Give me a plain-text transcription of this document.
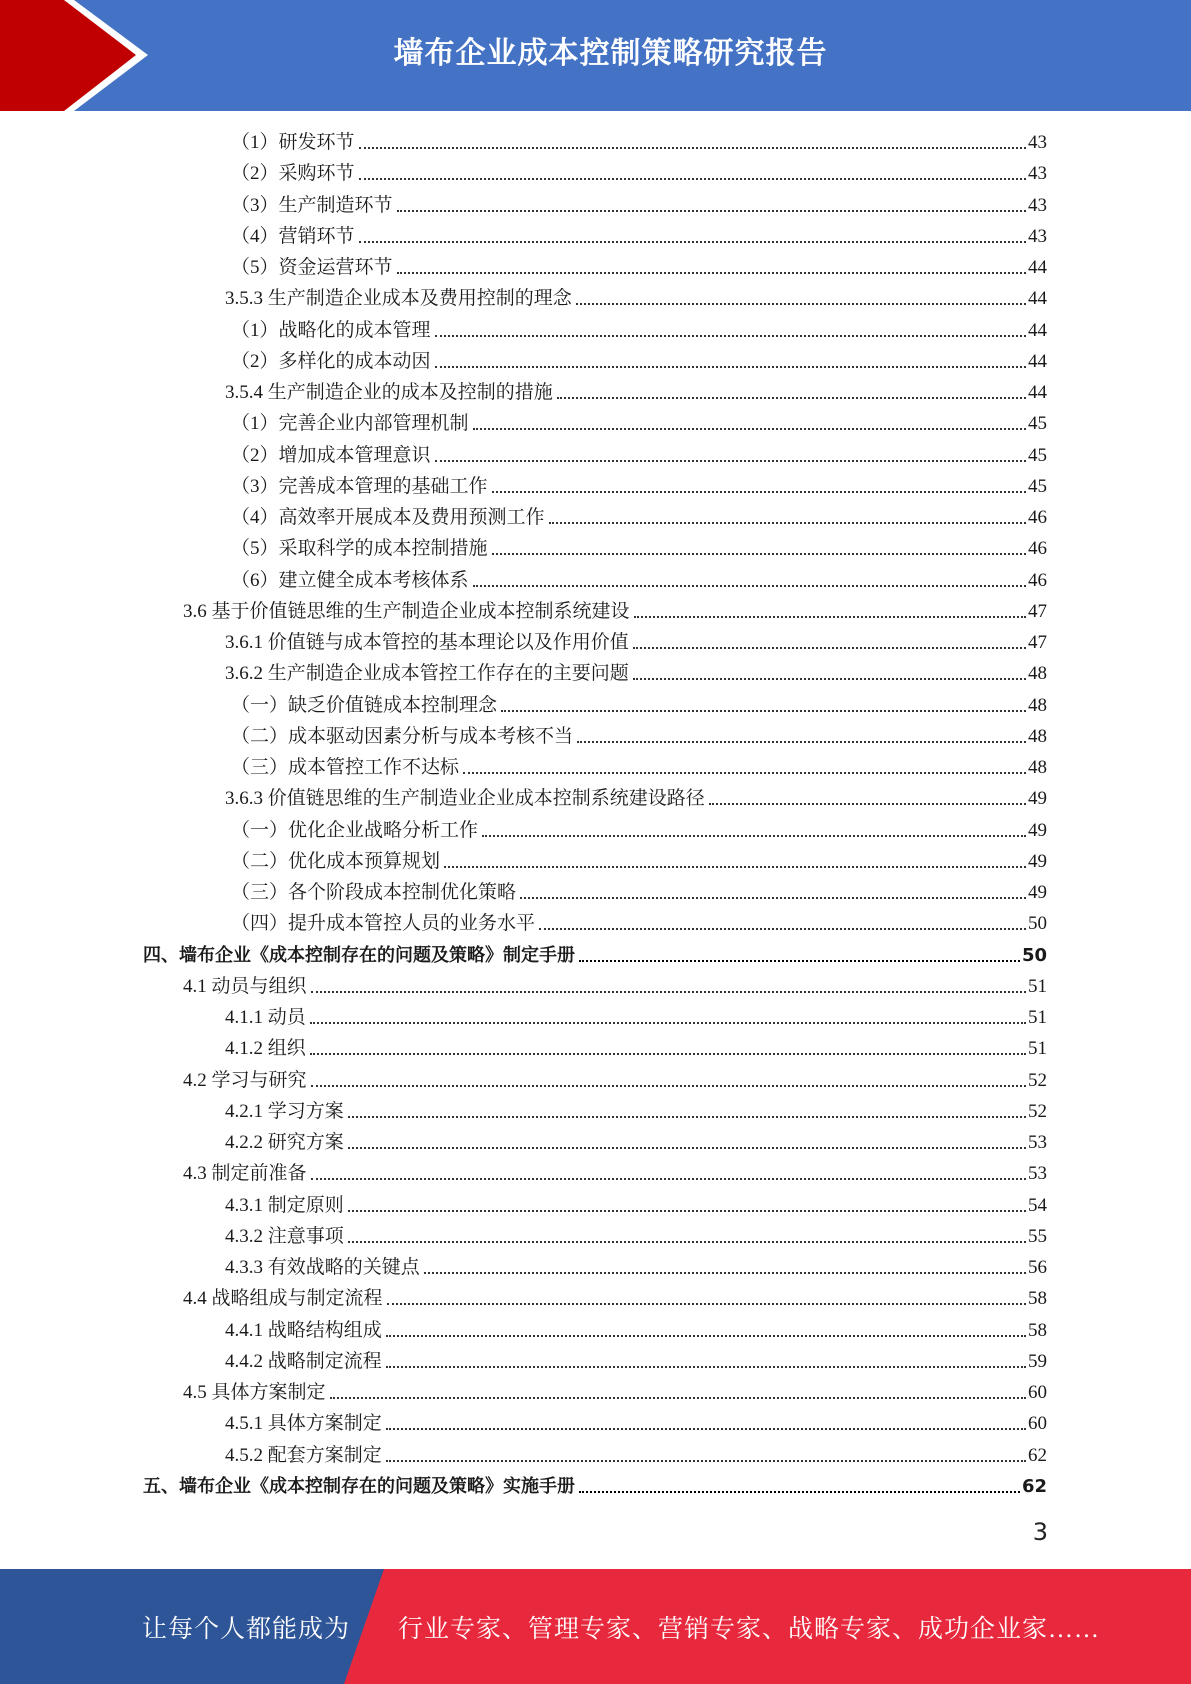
墙布企业成本控制策略研究报告
（1）研发环节	43
（2）采购环节	43
（3）生产制造环节	43
（4）营销环节	43
（5）资金运营环节	44
3.5.3 生产制造企业成本及费用控制的理念	44
（1）战略化的成本管理	44
（2）多样化的成本动因	44
3.5.4 生产制造企业的成本及控制的措施	44
（1）完善企业内部管理机制	45
（2）增加成本管理意识	45
（3）完善成本管理的基础工作	45
（4）高效率开展成本及费用预测工作	46
（5）采取科学的成本控制措施	46
（6）建立健全成本考核体系	46
3.6 基于价值链思维的生产制造企业成本控制系统建设	47
3.6.1 价值链与成本管控的基本理论以及作用价值	47
3.6.2 生产制造企业成本管控工作存在的主要问题	48
（一）缺乏价值链成本控制理念	48
（二）成本驱动因素分析与成本考核不当	48
（三）成本管控工作不达标	48
3.6.3 价值链思维的生产制造业企业成本控制系统建设路径	49
（一）优化企业战略分析工作	49
（二）优化成本预算规划	49
（三）各个阶段成本控制优化策略	49
（四）提升成本管控人员的业务水平	50
四、墙布企业《成本控制存在的问题及策略》制定手册	50
4.1 动员与组织	51
4.1.1 动员	51
4.1.2 组织	51
4.2 学习与研究	52
4.2.1 学习方案	52
4.2.2 研究方案	53
4.3 制定前准备	53
4.3.1 制定原则	54
4.3.2 注意事项	55
4.3.3 有效战略的关键点	56
4.4 战略组成与制定流程	58
4.4.1 战略结构组成	58
4.4.2 战略制定流程	59
4.5 具体方案制定	60
4.5.1 具体方案制定	60
4.5.2 配套方案制定	62
五、墙布企业《成本控制存在的问题及策略》实施手册	62
3
让每个人都能成为 行业专家、管理专家、营销专家、战略专家、成功企业家……
